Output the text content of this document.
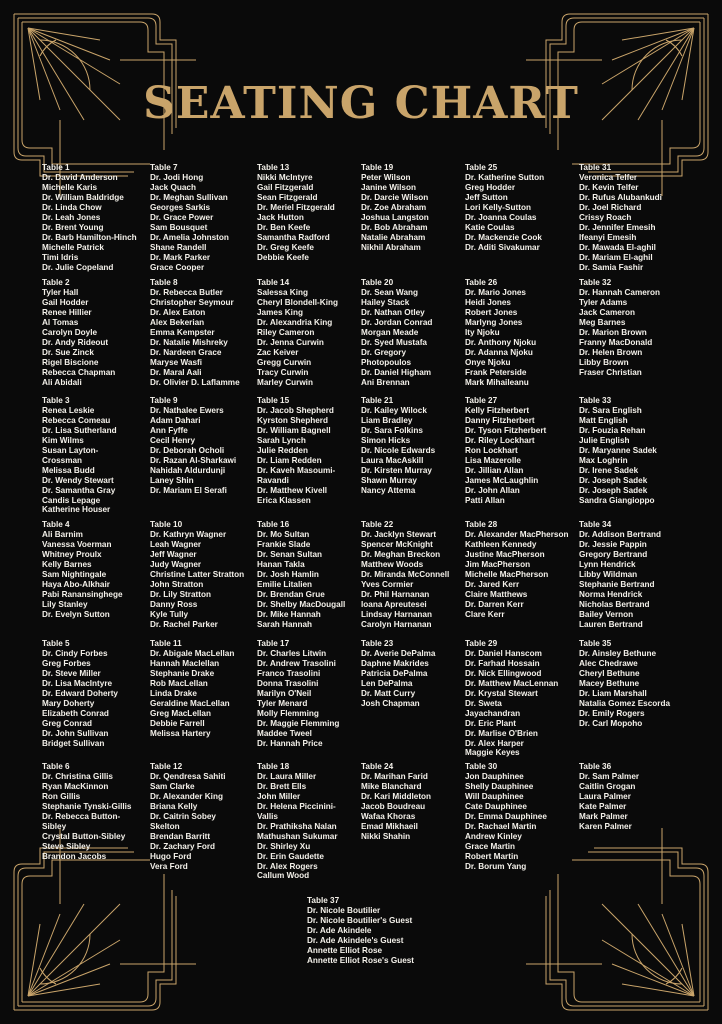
SEATING CHART
Table 1
Dr. David Anderson
Michelle Karis
Dr. William Baldridge
Dr. Linda Chow
Dr. Leah Jones
Dr. Brent Young
Dr. Barb Hamilton-Hinch
Michelle Patrick
Timi Idris
Dr. Julie Copeland
Table 7
Dr. Jodi Hong
Jack Quach
Dr. Meghan Sullivan
Georges Sarkis
Dr. Grace Power
Sam Bousquet
Dr. Amelia Johnston
Shane Randell
Dr. Mark Parker
Grace Cooper
Table 13
Nikki McIntyre
Gail Fitzgerald
Sean Fitzgerald
Dr. Meriel Fitzgerald
Jack Hutton
Dr. Ben Keefe
Samantha Radford
Dr. Greg Keefe
Debbie Keefe
Table 19
Peter Wilson
Janine Wilson
Dr. Darcie Wilson
Dr. Zoe Abraham
Joshua Langston
Dr. Bob Abraham
Natalie Abraham
Nikhil Abraham
Table 25
Dr. Katherine Sutton
Greg Hodder
Jeff Sutton
Lori Kelly-Sutton
Dr. Joanna Coulas
Katie Coulas
Dr. Mackenzie Cook
Dr. Aditi Sivakumar
Table 31
Veronica Telfer
Dr. Kevin Telfer
Dr. Rufus Alubankudi
Dr. Joel Richard
Crissy Roach
Dr. Jennifer Emesih
Ifeanyi Emesih
Dr. Mawada El-aghil
Dr. Mariam El-aghil
Dr. Samia Fashir
Table 2
Tyler Hall
Gail Hodder
Renee Hillier
Al Tomas
Carolyn Doyle
Dr. Andy Rideout
Dr. Sue Zinck
Rigel Biscione
Rebecca Chapman
Ali Abidali
Table 8
Dr. Rebecca Butler
Christopher Seymour
Dr. Alex Eaton
Alex Bekerian
Emma Kempster
Dr. Natalie Mishreky
Dr. Nardeen Grace
Maryse Wasfi
Dr. Maral Aali
Dr. Olivier D. Laflamme
Table 14
Salessa King
Cheryl Blondell-King
James King
Dr. Alexandria King
Riley Cameron
Dr. Jenna Curwin
Zac Keiver
Gregg Curwin
Tracy Curwin
Marley Curwin
Table 20
Dr. Sean Wang
Hailey Stack
Dr. Nathan Otley
Dr. Jordan Conrad
Morgan Meade
Dr. Syed Mustafa
Dr. Gregory
Photopoulos
Dr. Daniel Higham
Ani Brennan
Table 26
Dr. Mario Jones
Heidi Jones
Robert Jones
Marlyng Jones
Ity Njoku
Dr. Anthony Njoku
Dr. Adanna Njoku
Onye Njoku
Frank Peterside
Mark Mihaileanu
Table 32
Dr. Hannah Cameron
Tyler Adams
Jack Cameron
Meg Barnes
Dr. Marion Brown
Franny MacDonald
Dr. Helen Brown
Libby Brown
Fraser Christian
Table 3
Renea Leskie
Rebecca Comeau
Dr. Lisa Sutherland
Kim Wilms
Susan Layton-
Crossman
Melissa Budd
Dr. Wendy Stewart
Dr. Samantha Gray
Candis Lepage
Katherine Houser
Table 9
Dr. Nathalee Ewers
Adam Dahari
Ann Fyffe
Cecil Henry
Dr. Deborah Ocholi
Dr. Razan Al-Sharkawi
Nahidah Aldurdunji
Laney Shin
Dr. Mariam El Serafi
Table 15
Dr. Jacob Shepherd
Kyrston Shepherd
Dr. William Bagnell
Sarah Lynch
Julie Redden
Dr. Liam Redden
Dr. Kaveh Masoumi-
Ravandi
Dr. Matthew Kivell
Erica Klassen
Table 21
Dr. Kailey Wilock
Liam Bradley
Dr. Sara Folkins
Simon Hicks
Dr. Nicole Edwards
Laura MacAskill
Dr. Kirsten Murray
Shawn Murray
Nancy Attema
Table 27
Kelly Fitzherbert
Danny Fitzherbert
Dr. Tyson Fitzherbert
Dr. Riley Lockhart
Ron Lockhart
Lisa Mazerolle
Dr. Jillian Allan
James McLaughlin
Dr. John Allan
Patti Allan
Table 33
Dr. Sara English
Matt English
Dr. Fouzia Rehan
Julie English
Dr. Maryanne Sadek
Max Loghrin
Dr. Irene Sadek
Dr. Joseph Sadek
Dr. Joseph Sadek
Sandra Giangioppo
Table 4
Ali Barnim
Vanessa Voerman
Whitney Proulx
Kelly Barnes
Sam Nightingale
Haya Abo-Alkhair
Pabi Ranansinghege
Lily Stanley
Dr. Evelyn Sutton
Table 10
Dr. Kathryn Wagner
Leah Wagner
Jeff Wagner
Judy Wagner
Christine Latter Stratton
John Stratton
Dr. Lily Stratton
Danny Ross
Kyle Tully
Dr. Rachel Parker
Table 16
Dr. Mo Sultan
Frankie Slade
Dr. Senan Sultan
Hanan Takla
Dr. Josh Hamlin
Emilie Litalien
Dr. Brendan Grue
Dr. Shelby MacDougall
Dr. Mike Hannah
Sarah Hannah
Table 22
Dr. Jacklyn Stewart
Spencer McKnight
Dr. Meghan Breckon
Matthew Woods
Dr. Miranda McConnell
Yves Cormier
Dr. Phil Harnanan
Ioana Apreutesei
Lindsay Harnanan
Carolyn Harnanan
Table 28
Dr. Alexander MacPherson
Kathleen Kennedy
Justine MacPherson
Jim MacPherson
Michelle MacPherson
Dr. Jared Kerr
Claire Matthews
Dr. Darren Kerr
Clare Kerr
Table 34
Dr. Addison Bertrand
Dr. Jessie Pappin
Gregory Bertrand
Lynn Hendrick
Libby Wildman
Stephanie Bertrand
Norma Hendrick
Nicholas Bertrand
Bailey Vernon
Lauren Bertrand
Table 5
Dr. Cindy Forbes
Greg Forbes
Dr. Steve Miller
Dr. Lisa MacIntyre
Dr. Edward Doherty
Mary Doherty
Elizabeth Conrad
Greg Conrad
Dr. John Sullivan
Bridget Sullivan
Table 11
Dr. Abigale MacLellan
Hannah Maclellan
Stephanie Drake
Rob MacLellan
Linda Drake
Geraldine MacLellan
Greg MacLellan
Debbie Farrell
Melissa Hartery
Table 17
Dr. Charles Litwin
Dr. Andrew Trasolini
Franco Trasolini
Donna Trasolini
Marilyn O'Neil
Tyler Menard
Molly Flemming
Dr. Maggie Flemming
Maddee Tweel
Dr. Hannah Price
Table 23
Dr. Averie DePalma
Daphne Makrides
Patricia DePalma
Len DePalma
Dr. Matt Curry
Josh Chapman
Table 29
Dr. Daniel Hanscom
Dr. Farhad Hossain
Dr. Nick Ellingwood
Dr. Matthew MacLennan
Dr. Krystal Stewart
Dr. Sweta
Jayachandran
Dr. Eric Plant
Dr. Marlise O'Brien
Dr. Alex Harper
Maggie Keyes
Table 35
Dr. Ainsley Bethune
Alec Chedrawe
Cheryl Bethune
Macey Bethune
Dr. Liam Marshall
Natalia Gomez Escorda
Dr. Emily Rogers
Dr. Carl Mopoho
Table 6
Dr. Christina Gillis
Ryan MacKinnon
Ron Gillis
Stephanie Tynski-Gillis
Dr. Rebecca Button-
Sibley
Crystal Button-Sibley
Steve Sibley
Brandon Jacobs
Table 12
Dr. Qendresa Sahiti
Sam Clarke
Dr. Alexander King
Briana Kelly
Dr. Caitrin Sobey
Skelton
Brendan Barritt
Dr. Zachary Ford
Hugo Ford
Vera Ford
Table 18
Dr. Laura Miller
Dr. Brett Ells
John Miller
Dr. Helena Piccinini-
Vallis
Dr. Prathiksha Nalan
Mathushan Sukumar
Dr. Shirley Xu
Dr. Erin Gaudette
Dr. Alex Rogers
Callum Wood
Table 24
Dr. Marihan Farid
Mike Blanchard
Dr. Kari Middleton
Jacob Boudreau
Wafaa Khoras
Emad Mikhaeil
Nikki Shahin
Table 30
Jon Dauphinee
Shelly Dauphinee
Will Dauphinee
Cate Dauphinee
Dr. Emma Dauphinee
Dr. Rachael Martin
Andrew Kinley
Grace Martin
Robert Martin
Dr. Borum Yang
Table 36
Dr. Sam Palmer
Caitlin Grogan
Laura Palmer
Kate Palmer
Mark Palmer
Karen Palmer
Table 37
Dr. Nicole Boutilier
Dr. Nicole Boutilier's Guest
Dr. Ade Akindele
Dr. Ade Akindele's Guest
Annette Elliot Rose
Annette Elliot Rose's Guest
